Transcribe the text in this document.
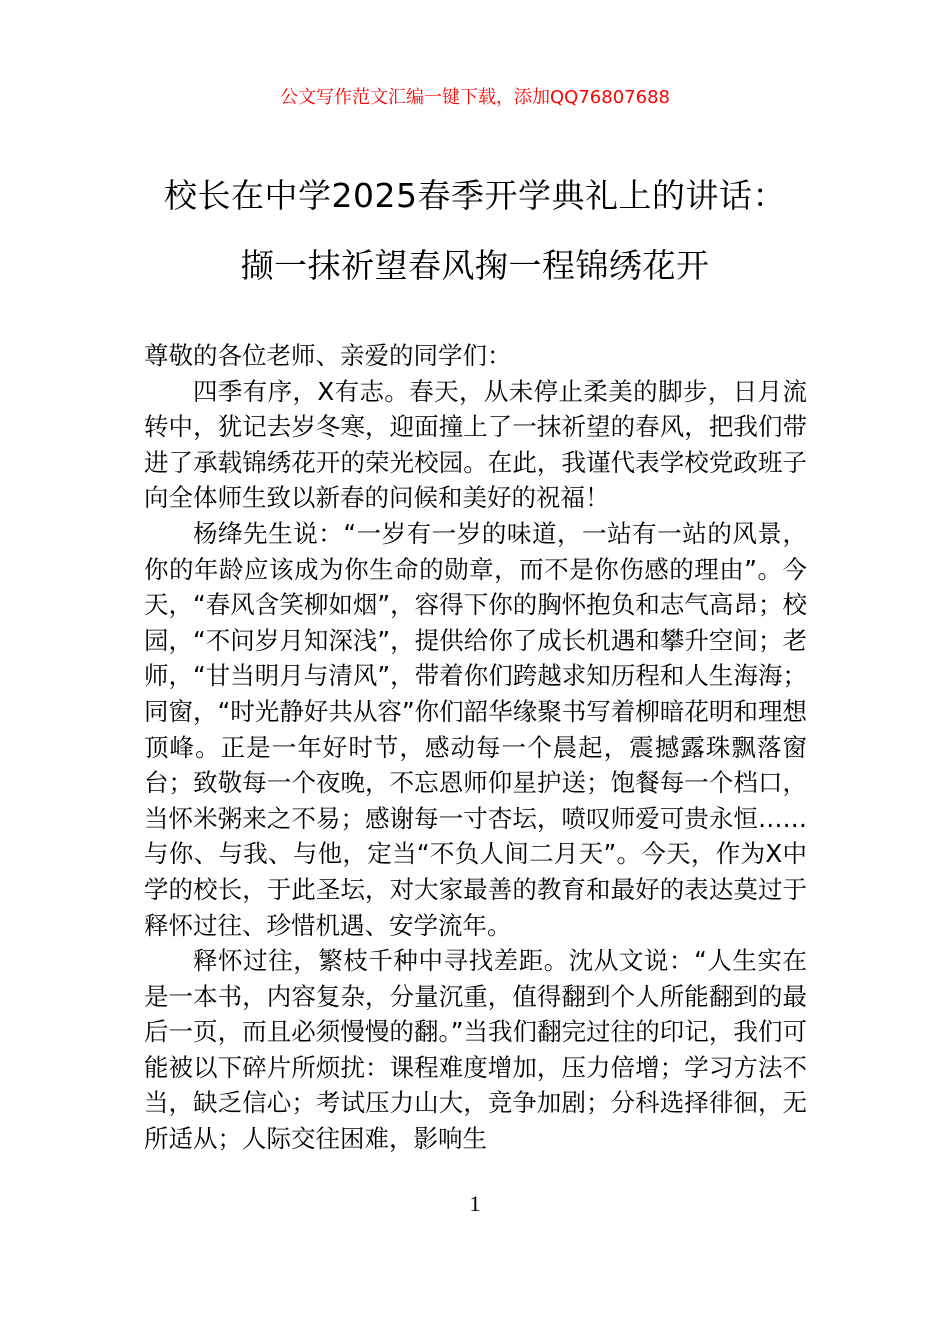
公文写作范文汇编一键下载，添加QQ76807688
校长在中学2025春季开学典礼上的讲话：
撷一抹祈望春风掬一程锦绣花开

尊敬的各位老师、亲爱的同学们：

四季有序，X有志。春天，从未停止柔美的脚步，日月流转中，犹记去岁冬寒，迎面撞上了一抹祈望的春风，把我们带进了承载锦绣花开的荣光校园。在此，我谨代表学校党政班子向全体师生致以新春的问候和美好的祝福！

杨绛先生说：“一岁有一岁的味道，一站有一站的风景，你的年龄应该成为你生命的勋章，而不是你伤感的理由”。今天，“春风含笑柳如烟”，容得下你的胸怀抱负和志气高昂；校园，“不问岁月知深浅”，提供给你了成长机遇和攀升空间；老师，“甘当明月与清风”，带着你们跨越求知历程和人生海海；同窗，“时光静好共从容”你们韶华缘聚书写着柳暗花明和理想顶峰。正是一年好时节，感动每一个晨起，震撼露珠飘落窗台；致敬每一个夜晚，不忘恩师仰星护送；饱餐每一个档口，当怀米粥来之不易；感谢每一寸杏坛，喷叹师爱可贵永恒……与你、与我、与他，定当“不负人间二月天”。今天，作为X中学的校长，于此圣坛，对大家最善的教育和最好的表达莫过于释怀过往、珍惜机遇、安学流年。

释怀过往，繁枝千种中寻找差距。沈从文说：“人生实在是一本书，内容复杂，分量沉重，值得翻到个人所能翻到的最后一页，而且必须慢慢的翻。”当我们翻完过往的印记，我们可能被以下碎片所烦扰：课程难度增加，压力倍增；学习方法不当，缺乏信心；考试压力山大，竞争加剧；分科选择徘徊，无所适从；人际交往困难，影响生

1
